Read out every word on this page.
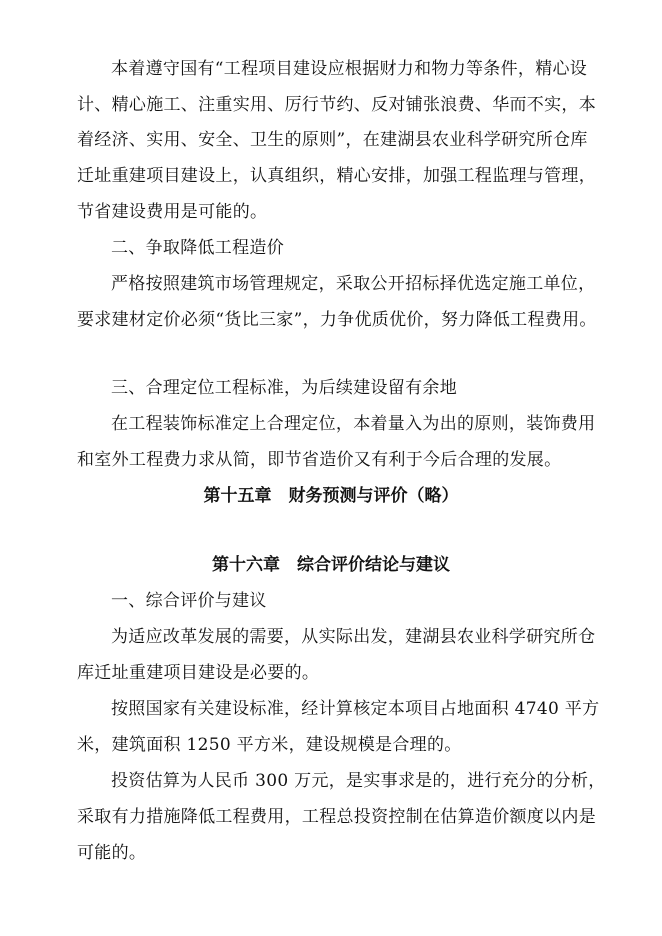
本着遵守国有“工程项目建设应根据财力和物力等条件，精心设
计、精心施工、注重实用、厉行节约、反对铺张浪费、华而不实，本
着经济、实用、安全、卫生的原则”，在建湖县农业科学研究所仓库
迁址重建项目建设上，认真组织，精心安排，加强工程监理与管理，
节省建设费用是可能的。
二、争取降低工程造价
严格按照建筑市场管理规定，采取公开招标择优选定施工单位，
要求建材定价必须“货比三家”，力争优质优价，努力降低工程费用。
三、合理定位工程标准，为后续建设留有余地
在工程装饰标准定上合理定位，本着量入为出的原则，装饰费用
和室外工程费力求从简，即节省造价又有利于今后合理的发展。
第十五章　财务预测与评价（略）
第十六章　综合评价结论与建议
一、综合评价与建议
为适应改革发展的需要，从实际出发，建湖县农业科学研究所仓
库迁址重建项目建设是必要的。
按照国家有关建设标准，经计算核定本项目占地面积 4740 平方
米，建筑面积 1250 平方米，建设规模是合理的。
投资估算为人民币 300 万元，是实事求是的，进行充分的分析，
采取有力措施降低工程费用，工程总投资控制在估算造价额度以内是
可能的。
